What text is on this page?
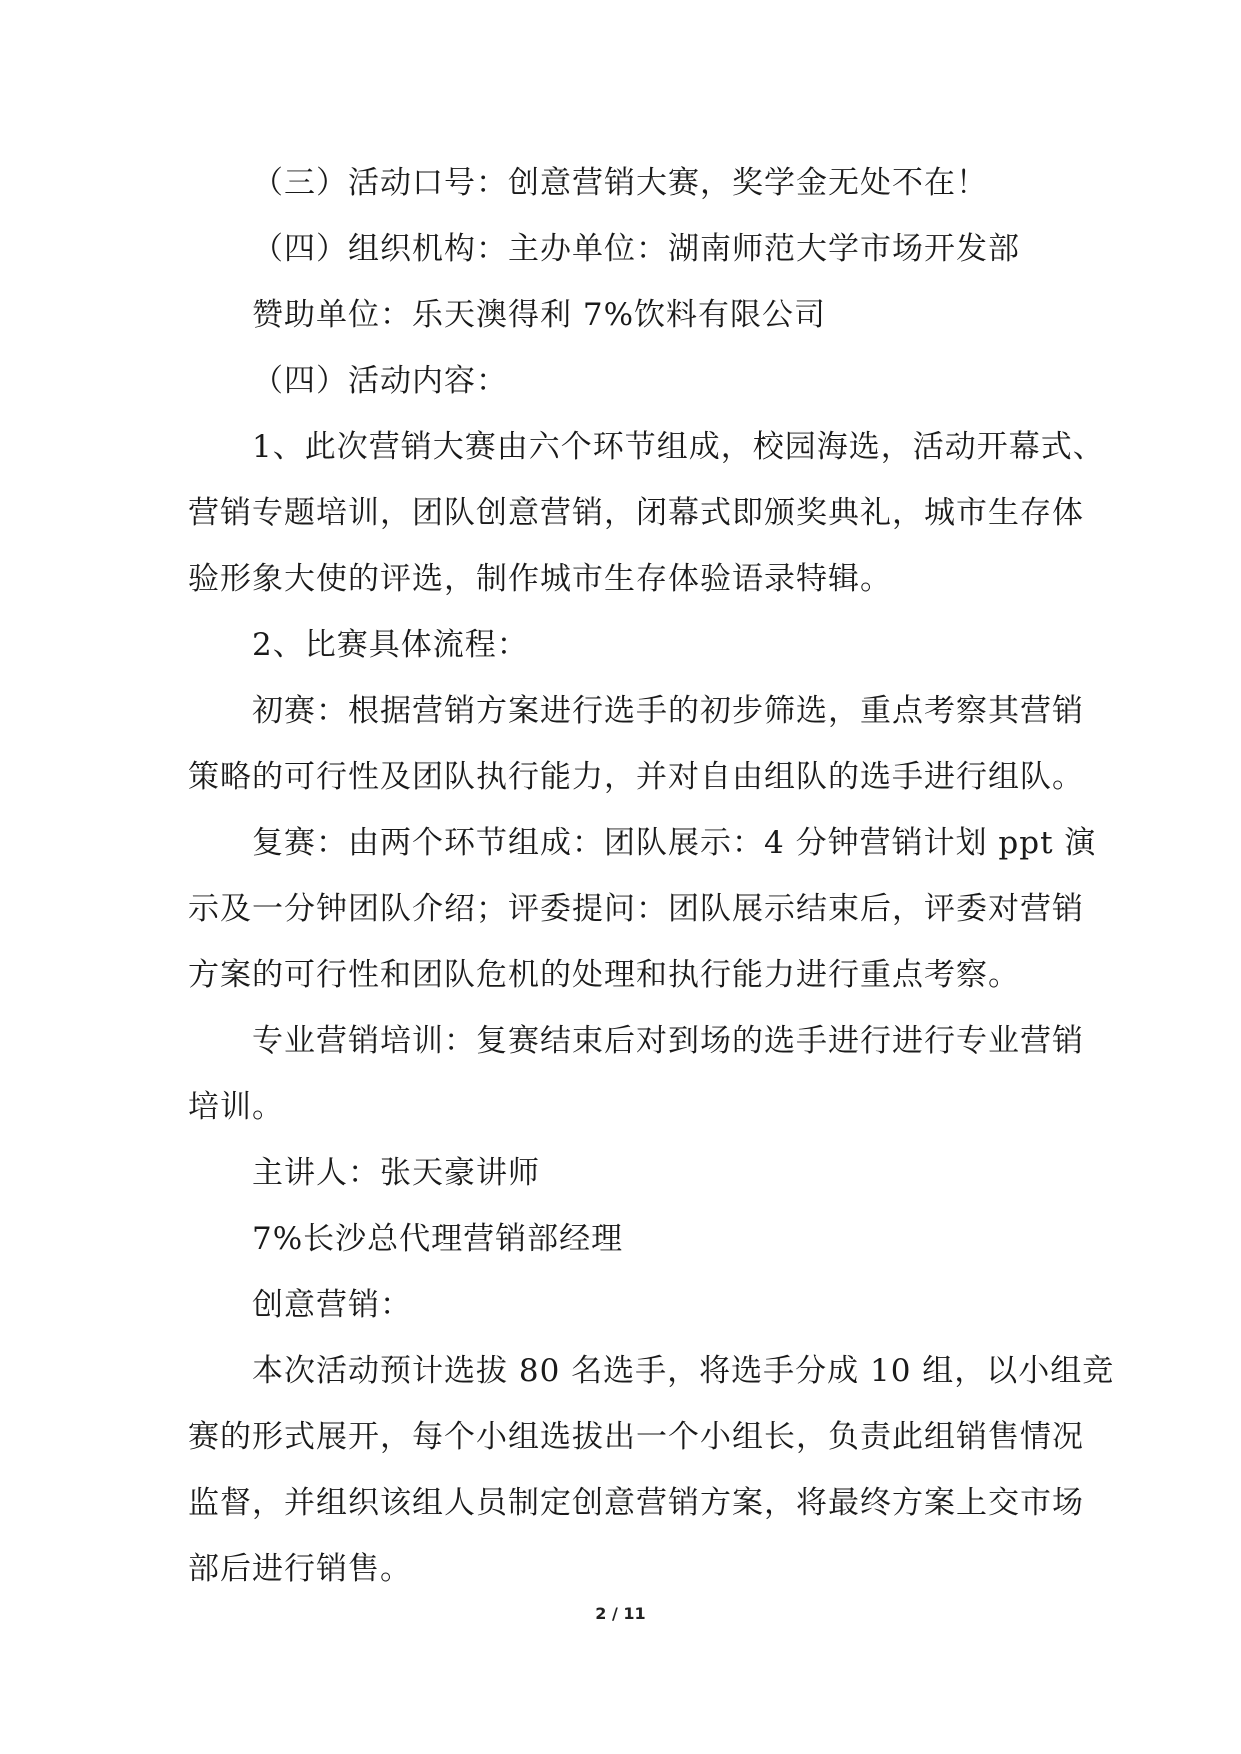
（三）活动口号：创意营销大赛，奖学金无处不在！
（四）组织机构：主办单位：湖南师范大学市场开发部
赞助单位：乐天澳得利 7%饮料有限公司
（四）活动内容：
1、此次营销大赛由六个环节组成，校园海选，活动开幕式、
营销专题培训，团队创意营销，闭幕式即颁奖典礼，城市生存体
验形象大使的评选，制作城市生存体验语录特辑。
2、比赛具体流程：
初赛：根据营销方案进行选手的初步筛选，重点考察其营销
策略的可行性及团队执行能力，并对自由组队的选手进行组队。
复赛：由两个环节组成：团队展示：4 分钟营销计划 ppt 演
示及一分钟团队介绍；评委提问：团队展示结束后，评委对营销
方案的可行性和团队危机的处理和执行能力进行重点考察。
专业营销培训：复赛结束后对到场的选手进行进行专业营销
培训。
主讲人：张天豪讲师
7%长沙总代理营销部经理
创意营销：
本次活动预计选拔 80 名选手，将选手分成 10 组，以小组竞
赛的形式展开，每个小组选拔出一个小组长，负责此组销售情况
监督，并组织该组人员制定创意营销方案，将最终方案上交市场
部后进行销售。
2 / 11
